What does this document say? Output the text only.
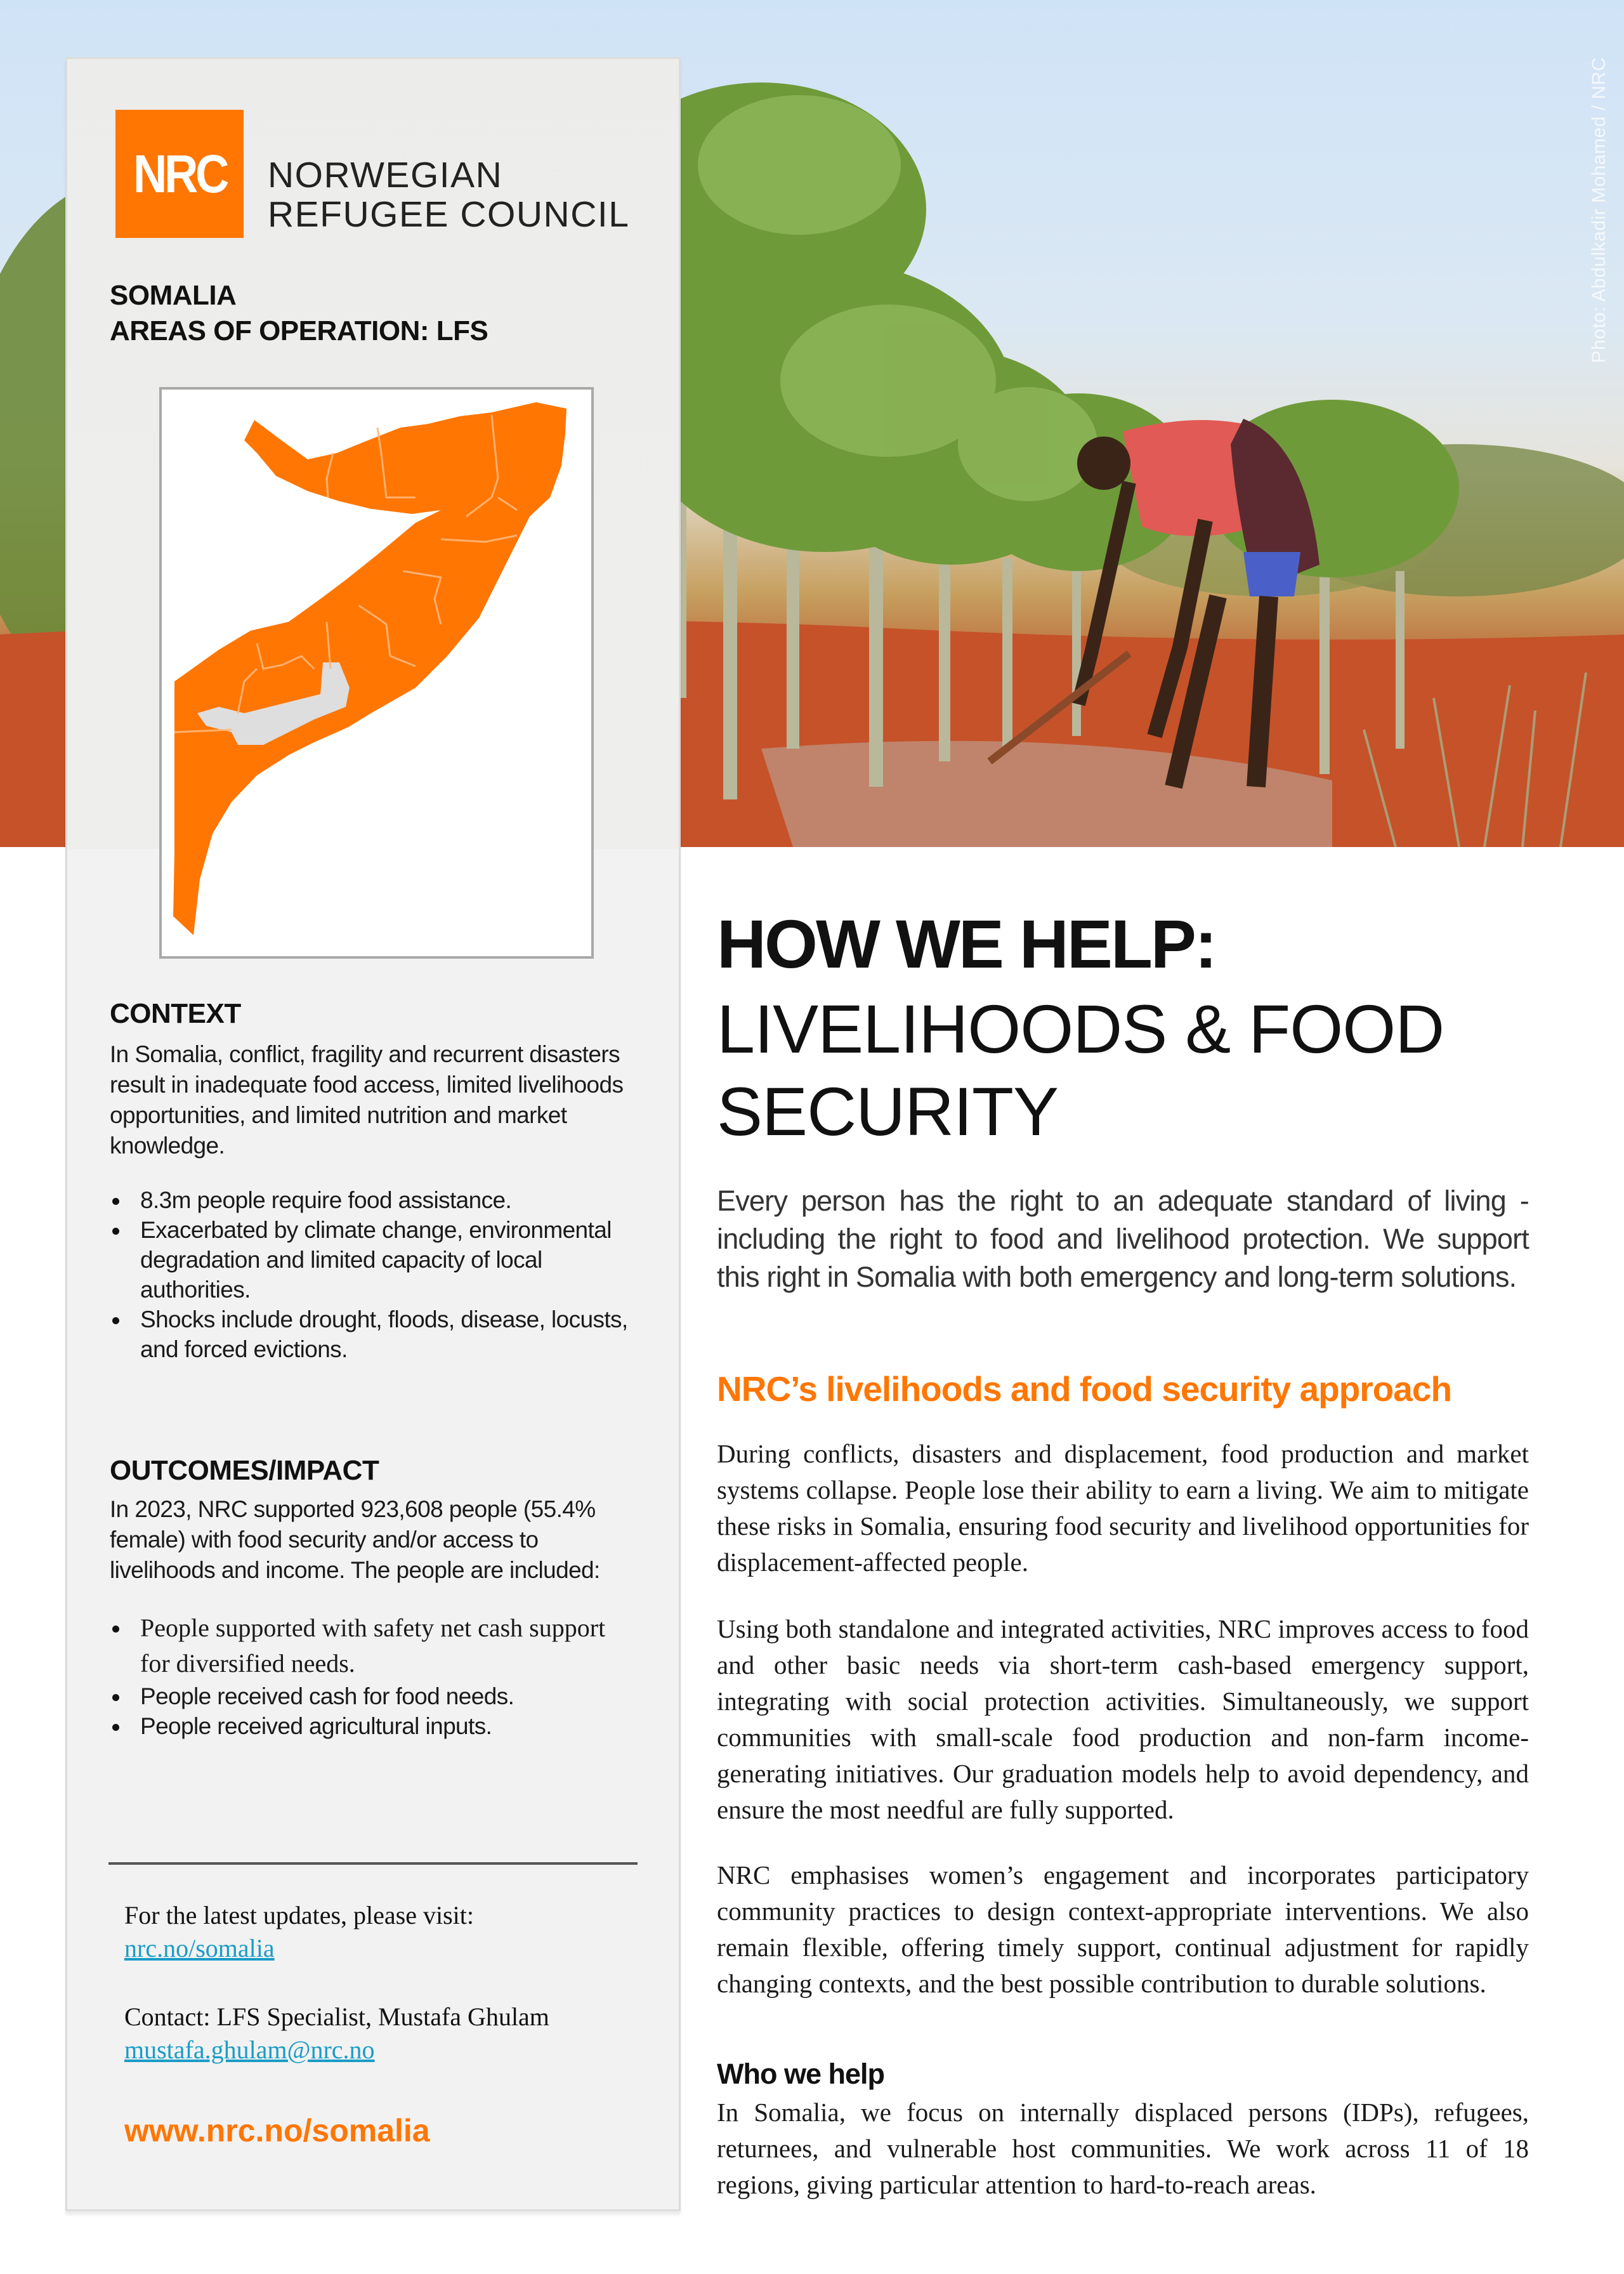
Photo: Abdulkadir Mohamed / NRC
NRC NORWEGIAN
REFUGEE COUNCIL
SOMALIA
AREAS OF OPERATION: LFS
CONTEXT

In Somalia, conflict, fragility and recurrent disasters result in inadequate food access, limited livelihoods opportunities, and limited nutrition and market knowledge.

8.3m people require food assistance.
Exacerbated by climate change, environmental degradation and limited capacity of local authorities.
Shocks include drought, floods, disease, locusts, and forced evictions.
OUTCOMES/IMPACT

In 2023, NRC supported 923,608 people (55.4% female) with food security and/or access to livelihoods and income. The people are included:

People supported with safety net cash support for diversified needs.
People received cash for food needs.
People received agricultural inputs.
For the latest updates, please visit:
nrc.no/somalia
Contact: LFS Specialist, Mustafa Ghulam
mustafa.ghulam@nrc.no
www.nrc.no/somalia
HOW WE HELP:
LIVELIHOODS & FOOD SECURITY

Every person has the right to an adequate standard of living - including the right to food and livelihood protection. We support this right in Somalia with both emergency and long-term solutions.

NRC’s livelihoods and food security approach

During conflicts, disasters and displacement, food production and market systems collapse. People lose their ability to earn a living. We aim to mitigate these risks in Somalia, ensuring food security and livelihood opportunities for displacement-affected people.

Using both standalone and integrated activities, NRC improves access to food and other basic needs via short-term cash-based emergency support, integrating with social protection activities. Simultaneously, we support communities with small-scale food production and non-farm income-generating initiatives. Our graduation models help to avoid dependency, and ensure the most needful are fully supported.

NRC emphasises women’s engagement and incorporates participatory community practices to design context-appropriate interventions. We also remain flexible, offering timely support, continual adjustment for rapidly changing contexts, and the best possible contribution to durable solutions.

Who we help

In Somalia, we focus on internally displaced persons (IDPs), refugees, returnees, and vulnerable host communities. We work across 11 of 18 regions, giving particular attention to hard-to-reach areas.
